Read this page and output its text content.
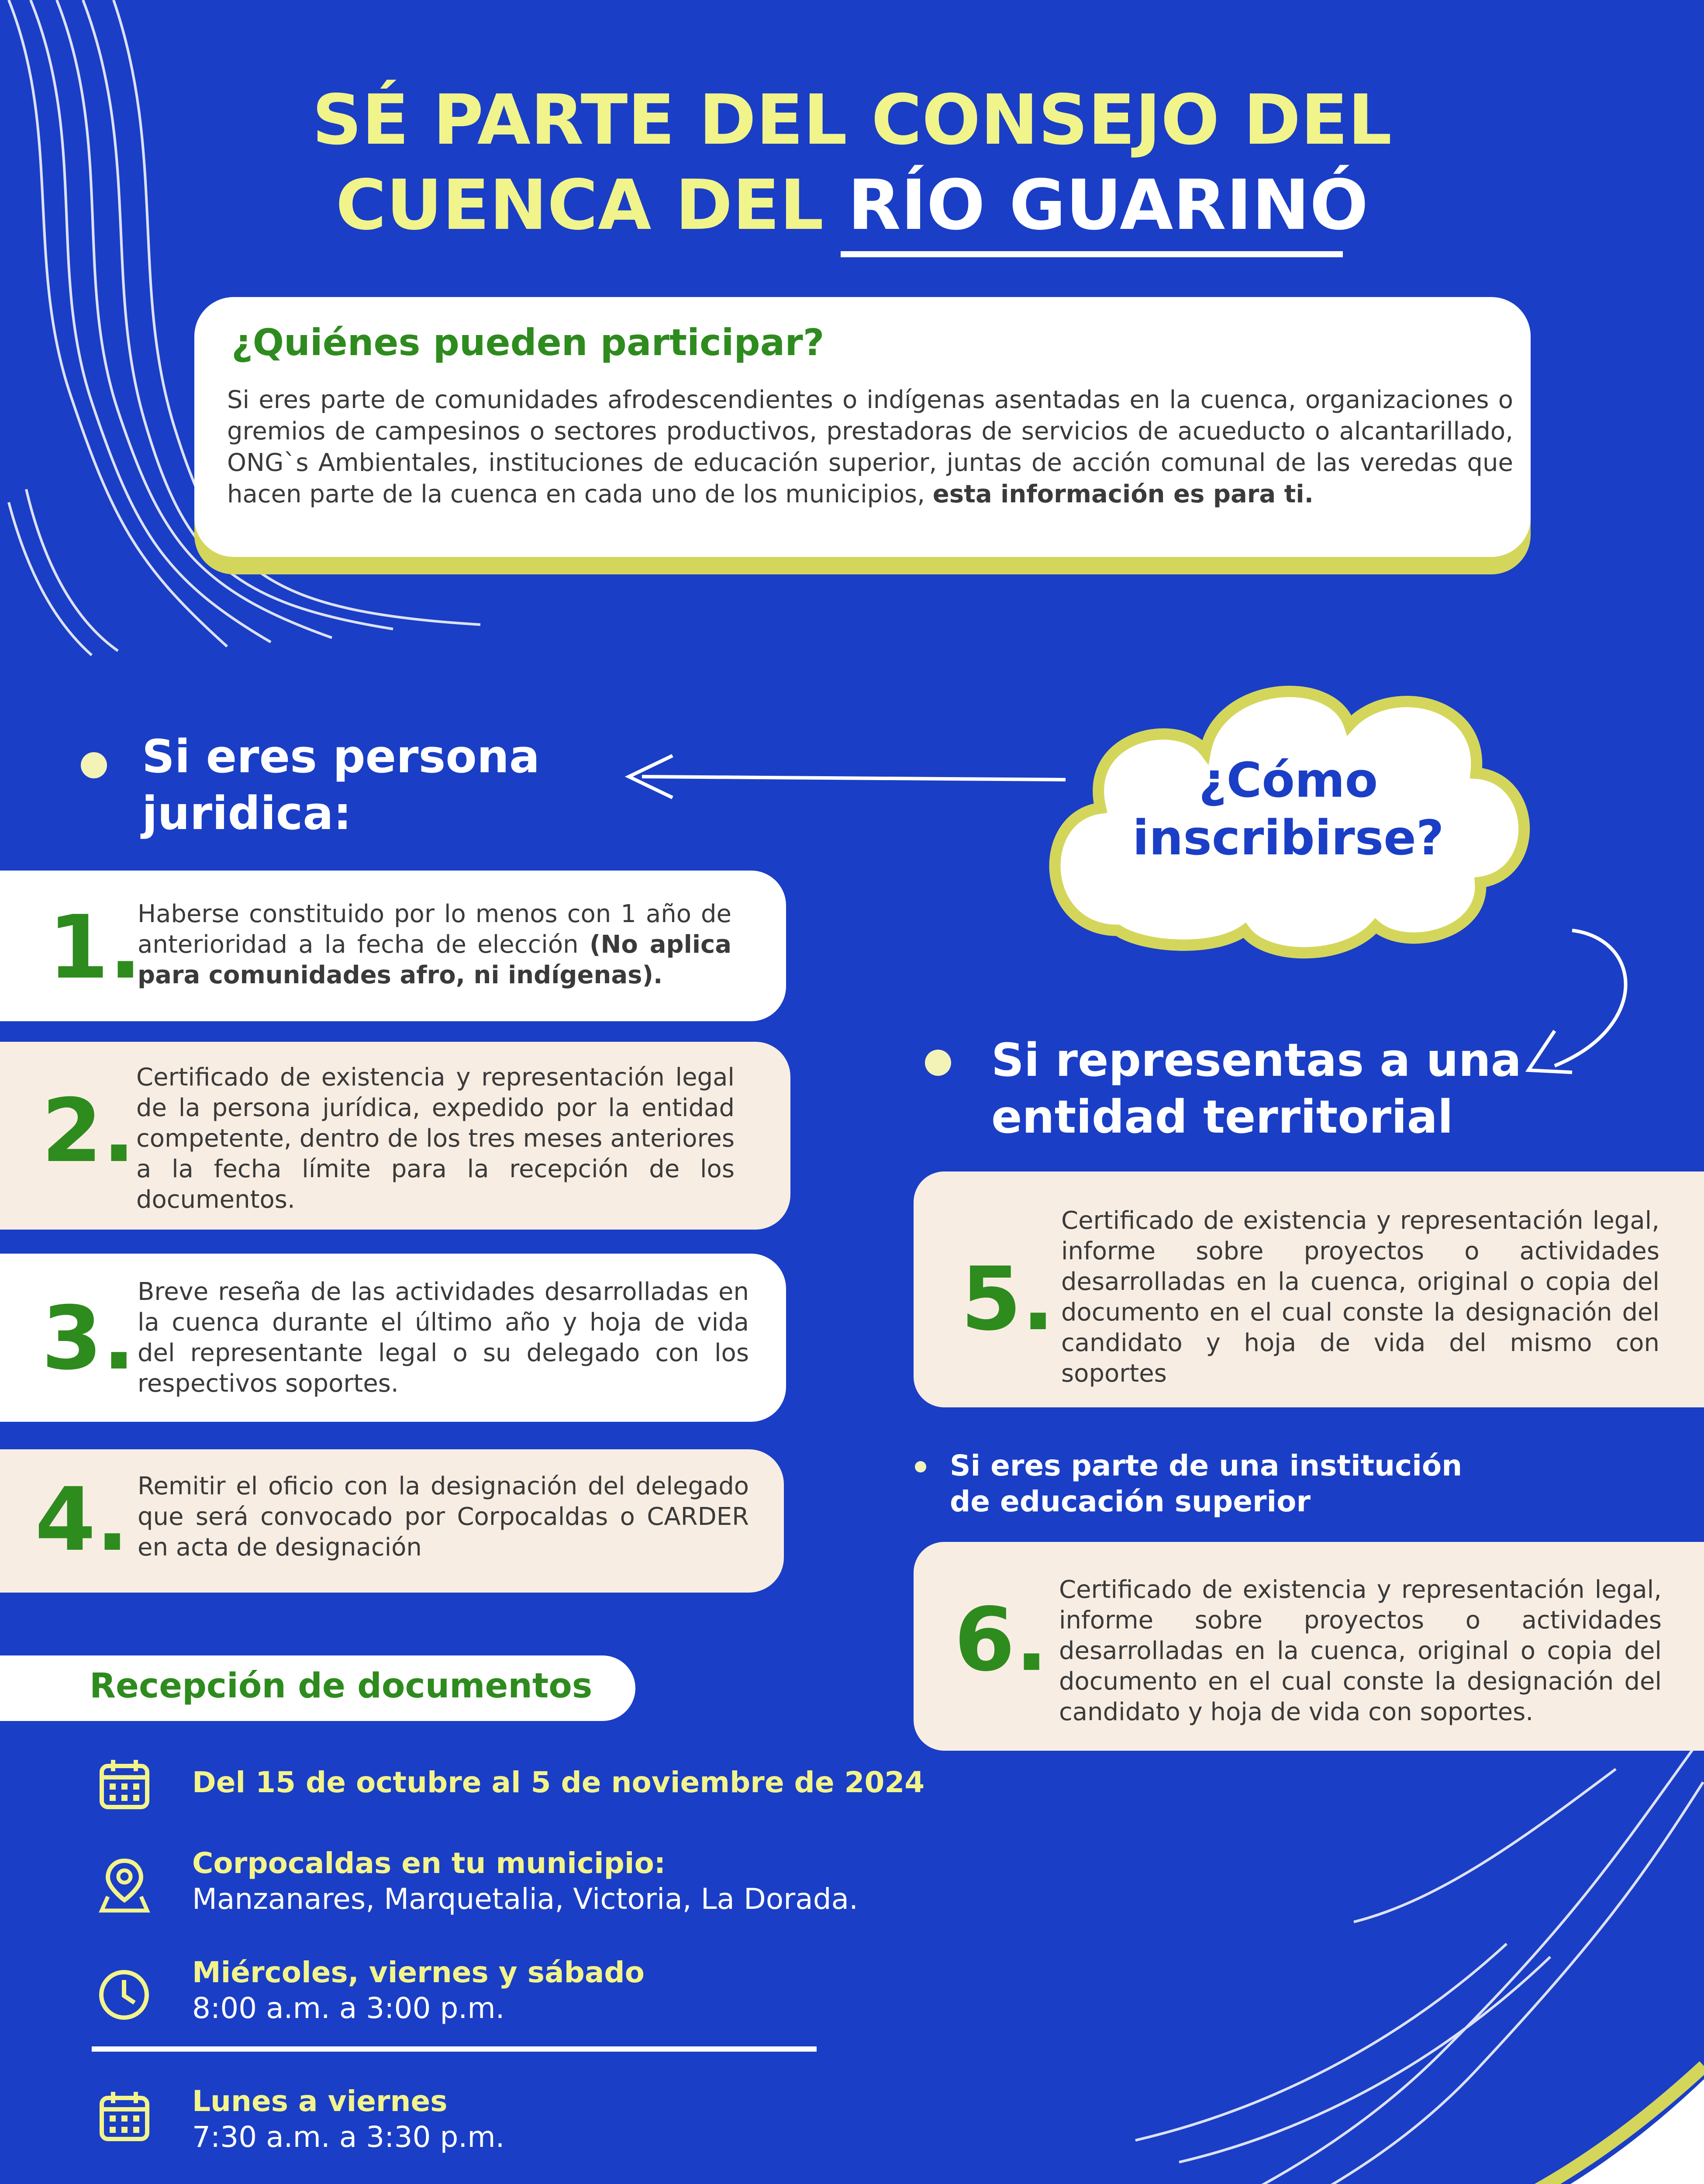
SÉ PARTE DEL CONSEJO DEL
CUENCA DEL RÍO GUARINÓ
¿Quiénes pueden participar?
Si eres parte de comunidades afrodescendientes o indígenas asentadas en la cuenca, organizaciones o gremios de campesinos o sectores productivos, prestadoras de servicios de acueducto o alcantarillado, ONG`s Ambientales, instituciones de educación superior, juntas de acción comunal de las veredas que hacen parte de la cuenca en cada uno de los municipios, esta información es para ti.
¿Cómo
inscribirse?
Si eres persona
juridica:
1.
Haberse constituido por lo menos con 1 año de anterioridad a la fecha de elección (No aplica para comunidades afro, ni indígenas).
2.
Certificado de existencia y representación legal de la persona jurídica, expedido por la entidad competente, dentro de los tres meses anteriores a la fecha límite para la recepción de los documentos.
3. Breve reseña de las actividades desarrolladas en la cuenca durante el último año y hoja de vida del representante legal o su delegado con los respectivos soportes.
4. Remitir el oficio con la designación del delegado que será convocado por Corpocaldas o CARDER en acta de designación
Si representas a una
entidad territorial
5.
Certificado de existencia y representación legal, informe sobre proyectos o actividades desarrolladas en la cuenca, original o copia del documento en el cual conste la designación del candidato y hoja de vida del mismo con soportes
Si eres parte de una institución
de educación superior
6. Certificado de existencia y representación legal, informe sobre proyectos o actividades desarrolladas en la cuenca, original o copia del documento en el cual conste la designación del candidato y hoja de vida con soportes.
Recepción de documentos
Del 15 de octubre al 5 de noviembre de 2024
Corpocaldas en tu municipio:
Manzanares, Marquetalia, Victoria, La Dorada.
Miércoles, viernes y sábado
8:00 a.m. a 3:00 p.m.
Lunes a viernes
7:30 a.m. a 3:30 p.m.
